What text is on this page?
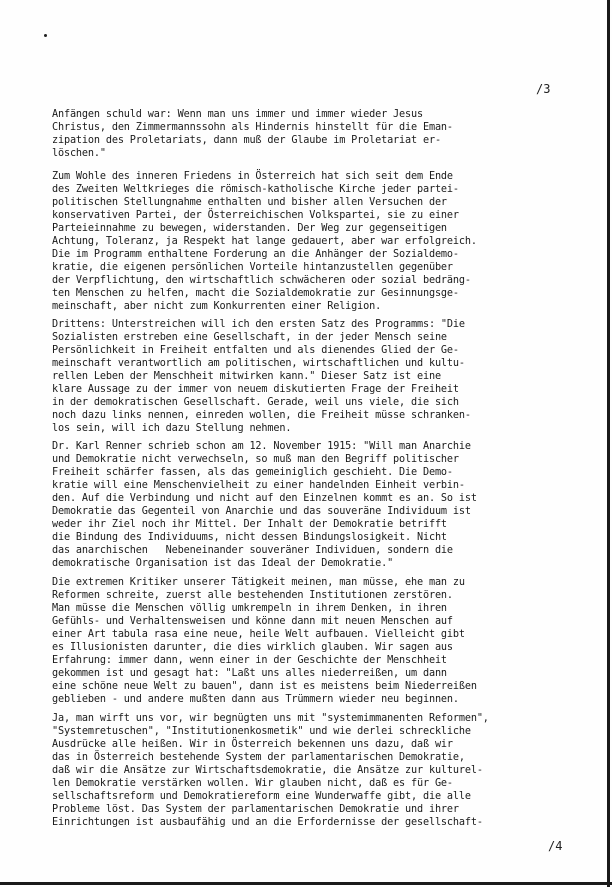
/3
Anfängen schuld war: Wenn man uns immer und immer wieder Jesus
Christus, den Zimmermannssohn als Hindernis hinstellt für die Eman-
zipation des Proletariats, dann muß der Glaube im Proletariat er-
löschen."
Zum Wohle des inneren Friedens in Österreich hat sich seit dem Ende
des Zweiten Weltkrieges die römisch-katholische Kirche jeder partei-
politischen Stellungnahme enthalten und bisher allen Versuchen der
konservativen Partei, der Österreichischen Volkspartei, sie zu einer
Parteieinnahme zu bewegen, widerstanden. Der Weg zur gegenseitigen
Achtung, Toleranz, ja Respekt hat lange gedauert, aber war erfolgreich.
Die im Programm enthaltene Forderung an die Anhänger der Sozialdemo-
kratie, die eigenen persönlichen Vorteile hintanzustellen gegenüber
der Verpflichtung, den wirtschaftlich schwächeren oder sozial bedräng-
ten Menschen zu helfen, macht die Sozialdemokratie zur Gesinnungsge-
meinschaft, aber nicht zum Konkurrenten einer Religion.
Drittens: Unterstreichen will ich den ersten Satz des Programms: "Die
Sozialisten erstreben eine Gesellschaft, in der jeder Mensch seine
Persönlichkeit in Freiheit entfalten und als dienendes Glied der Ge-
meinschaft verantwortlich am politischen, wirtschaftlichen und kultu-
rellen Leben der Menschheit mitwirken kann." Dieser Satz ist eine
klare Aussage zu der immer von neuem diskutierten Frage der Freiheit
in der demokratischen Gesellschaft. Gerade, weil uns viele, die sich
noch dazu links nennen, einreden wollen, die Freiheit müsse schranken-
los sein, will ich dazu Stellung nehmen.
Dr. Karl Renner schrieb schon am 12. November 1915: "Will man Anarchie
und Demokratie nicht verwechseln, so muß man den Begriff politischer
Freiheit schärfer fassen, als das gemeiniglich geschieht. Die Demo-
kratie will eine Menschenvielheit zu einer handelnden Einheit verbin-
den. Auf die Verbindung und nicht auf den Einzelnen kommt es an. So ist
Demokratie das Gegenteil von Anarchie und das souveräne Individuum ist
weder ihr Ziel noch ihr Mittel. Der Inhalt der Demokratie betrifft
die Bindung des Individuums, nicht dessen Bindungslosigkeit. Nicht
das anarchischen   Nebeneinander souveräner Individuen, sondern die
demokratische Organisation ist das Ideal der Demokratie."
Die extremen Kritiker unserer Tätigkeit meinen, man müsse, ehe man zu
Reformen schreite, zuerst alle bestehenden Institutionen zerstören.
Man müsse die Menschen völlig umkrempeln in ihrem Denken, in ihren
Gefühls- und Verhaltensweisen und könne dann mit neuen Menschen auf
einer Art tabula rasa eine neue, heile Welt aufbauen. Vielleicht gibt
es Illusionisten darunter, die dies wirklich glauben. Wir sagen aus
Erfahrung: immer dann, wenn einer in der Geschichte der Menschheit
gekommen ist und gesagt hat: "Laßt uns alles niederreißen, um dann
eine schöne neue Welt zu bauen", dann ist es meistens beim Niederreißen
geblieben - und andere mußten dann aus Trümmern wieder neu beginnen.
Ja, man wirft uns vor, wir begnügten uns mit "systemimmanenten Reformen",
"Systemretuschen", "Institutionenkosmetik" und wie derlei schreckliche
Ausdrücke alle heißen. Wir in Österreich bekennen uns dazu, daß wir
das in Österreich bestehende System der parlamentarischen Demokratie,
daß wir die Ansätze zur Wirtschaftsdemokratie, die Ansätze zur kulturel-
len Demokratie verstärken wollen. Wir glauben nicht, daß es für Ge-
sellschaftsreform und Demokratiereform eine Wunderwaffe gibt, die alle
Probleme löst. Das System der parlamentarischen Demokratie und ihrer
Einrichtungen ist ausbaufähig und an die Erfordernisse der gesellschaft-
/4
